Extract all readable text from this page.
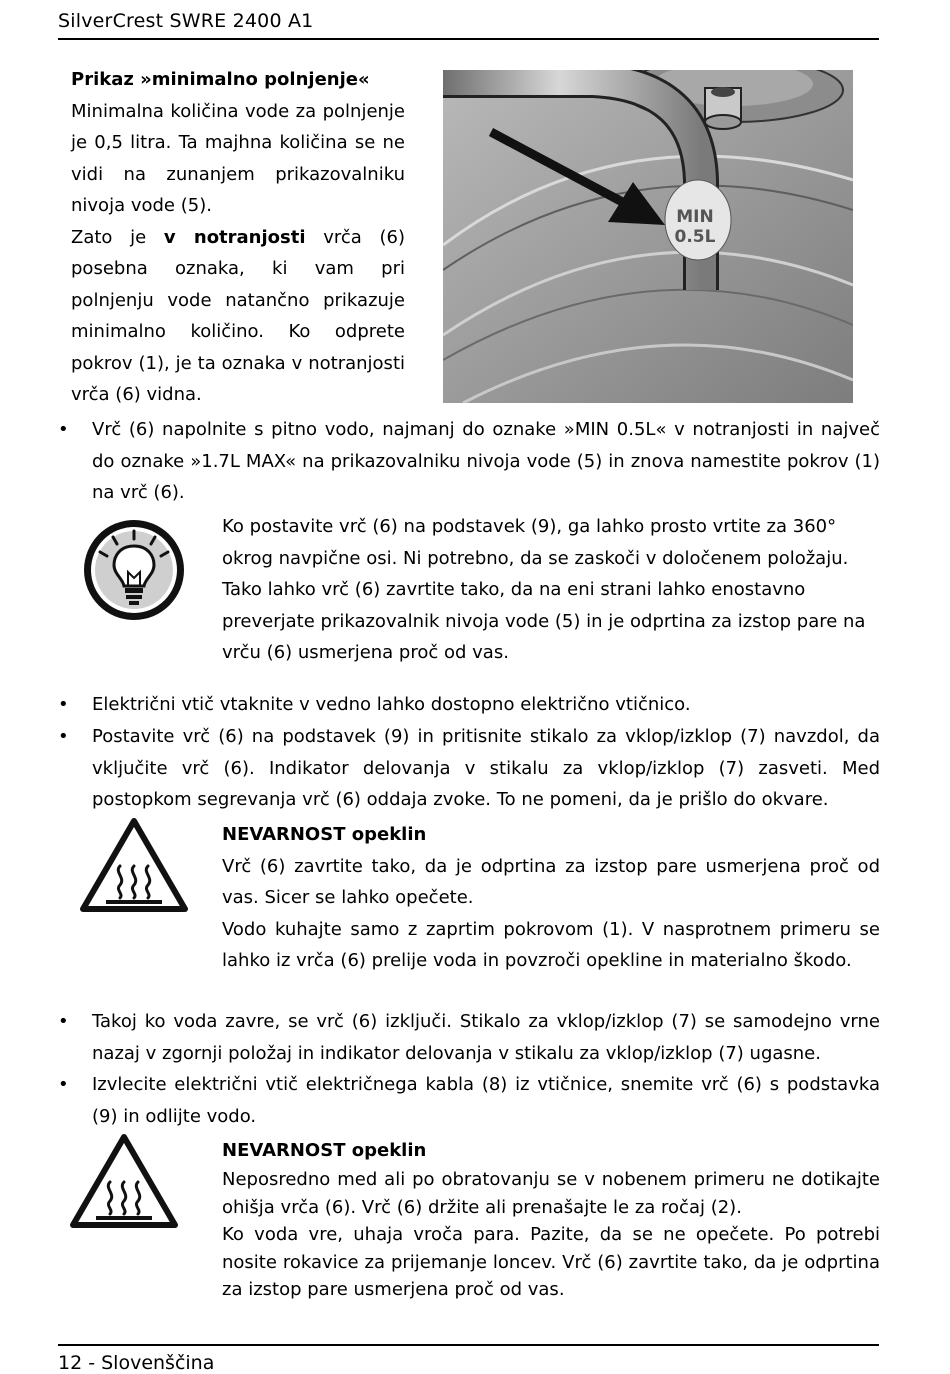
SilverCrest SWRE 2400 A1

Prikaz »minimalno polnjenje«

Minimalna količina vode za polnjenje je 0,5 litra. Ta majhna količina se ne vidi na zunanjem prikazovalniku nivoja vode (5).

Zato je v notranjosti vrča (6) posebna oznaka, ki vam pri polnjenju vode natančno prikazuje minimalno količino. Ko odprete pokrov (1), je ta oznaka v notranjosti vrča (6) vidna.

MIN
0.5L
• Vrč (6) napolnite s pitno vodo, najmanj do oznake »MIN 0.5L« v notranjosti in največ do oznake »1.7L MAX« na prikazovalniku nivoja vode (5) in znova namestite pokrov (1) na vrč (6).

Ko postavite vrč (6) na podstavek (9), ga lahko prosto vrtite za 360° okrog navpične osi. Ni potrebno, da se zaskoči v določenem položaju. Tako lahko vrč (6) zavrtite tako, da na eni strani lahko enostavno preverjate prikazovalnik nivoja vode (5) in je odprtina za izstop pare na vrču (6) usmerjena proč od vas.

• Električni vtič vtaknite v vedno lahko dostopno električno vtičnico.

• Postavite vrč (6) na podstavek (9) in pritisnite stikalo za vklop/izklop (7) navzdol, da vključite vrč (6). Indikator delovanja v stikalu za vklop/izklop (7) zasveti. Med postopkom segrevanja vrč (6) oddaja zvoke. To ne pomeni, da je prišlo do okvare.

NEVARNOST opeklin

Vrč (6) zavrtite tako, da je odprtina za izstop pare usmerjena proč od vas. Sicer se lahko opečete.

Vodo kuhajte samo z zaprtim pokrovom (1). V nasprotnem primeru se lahko iz vrča (6) prelije voda in povzroči opekline in materialno škodo.

• Takoj ko voda zavre, se vrč (6) izključi. Stikalo za vklop/izklop (7) se samodejno vrne nazaj v zgornji položaj in indikator delovanja v stikalu za vklop/izklop (7) ugasne.

• Izvlecite električni vtič električnega kabla (8) iz vtičnice, snemite vrč (6) s podstavka (9) in odlijte vodo.

NEVARNOST opeklin

Neposredno med ali po obratovanju se v nobenem primeru ne dotikajte ohišja vrča (6). Vrč (6) držite ali prenašajte le za ročaj (2).

Ko voda vre, uhaja vroča para. Pazite, da se ne opečete. Po potrebi nosite rokavice za prijemanje loncev. Vrč (6) zavrtite tako, da je odprtina za izstop pare usmerjena proč od vas.

12 - Slovenščina
